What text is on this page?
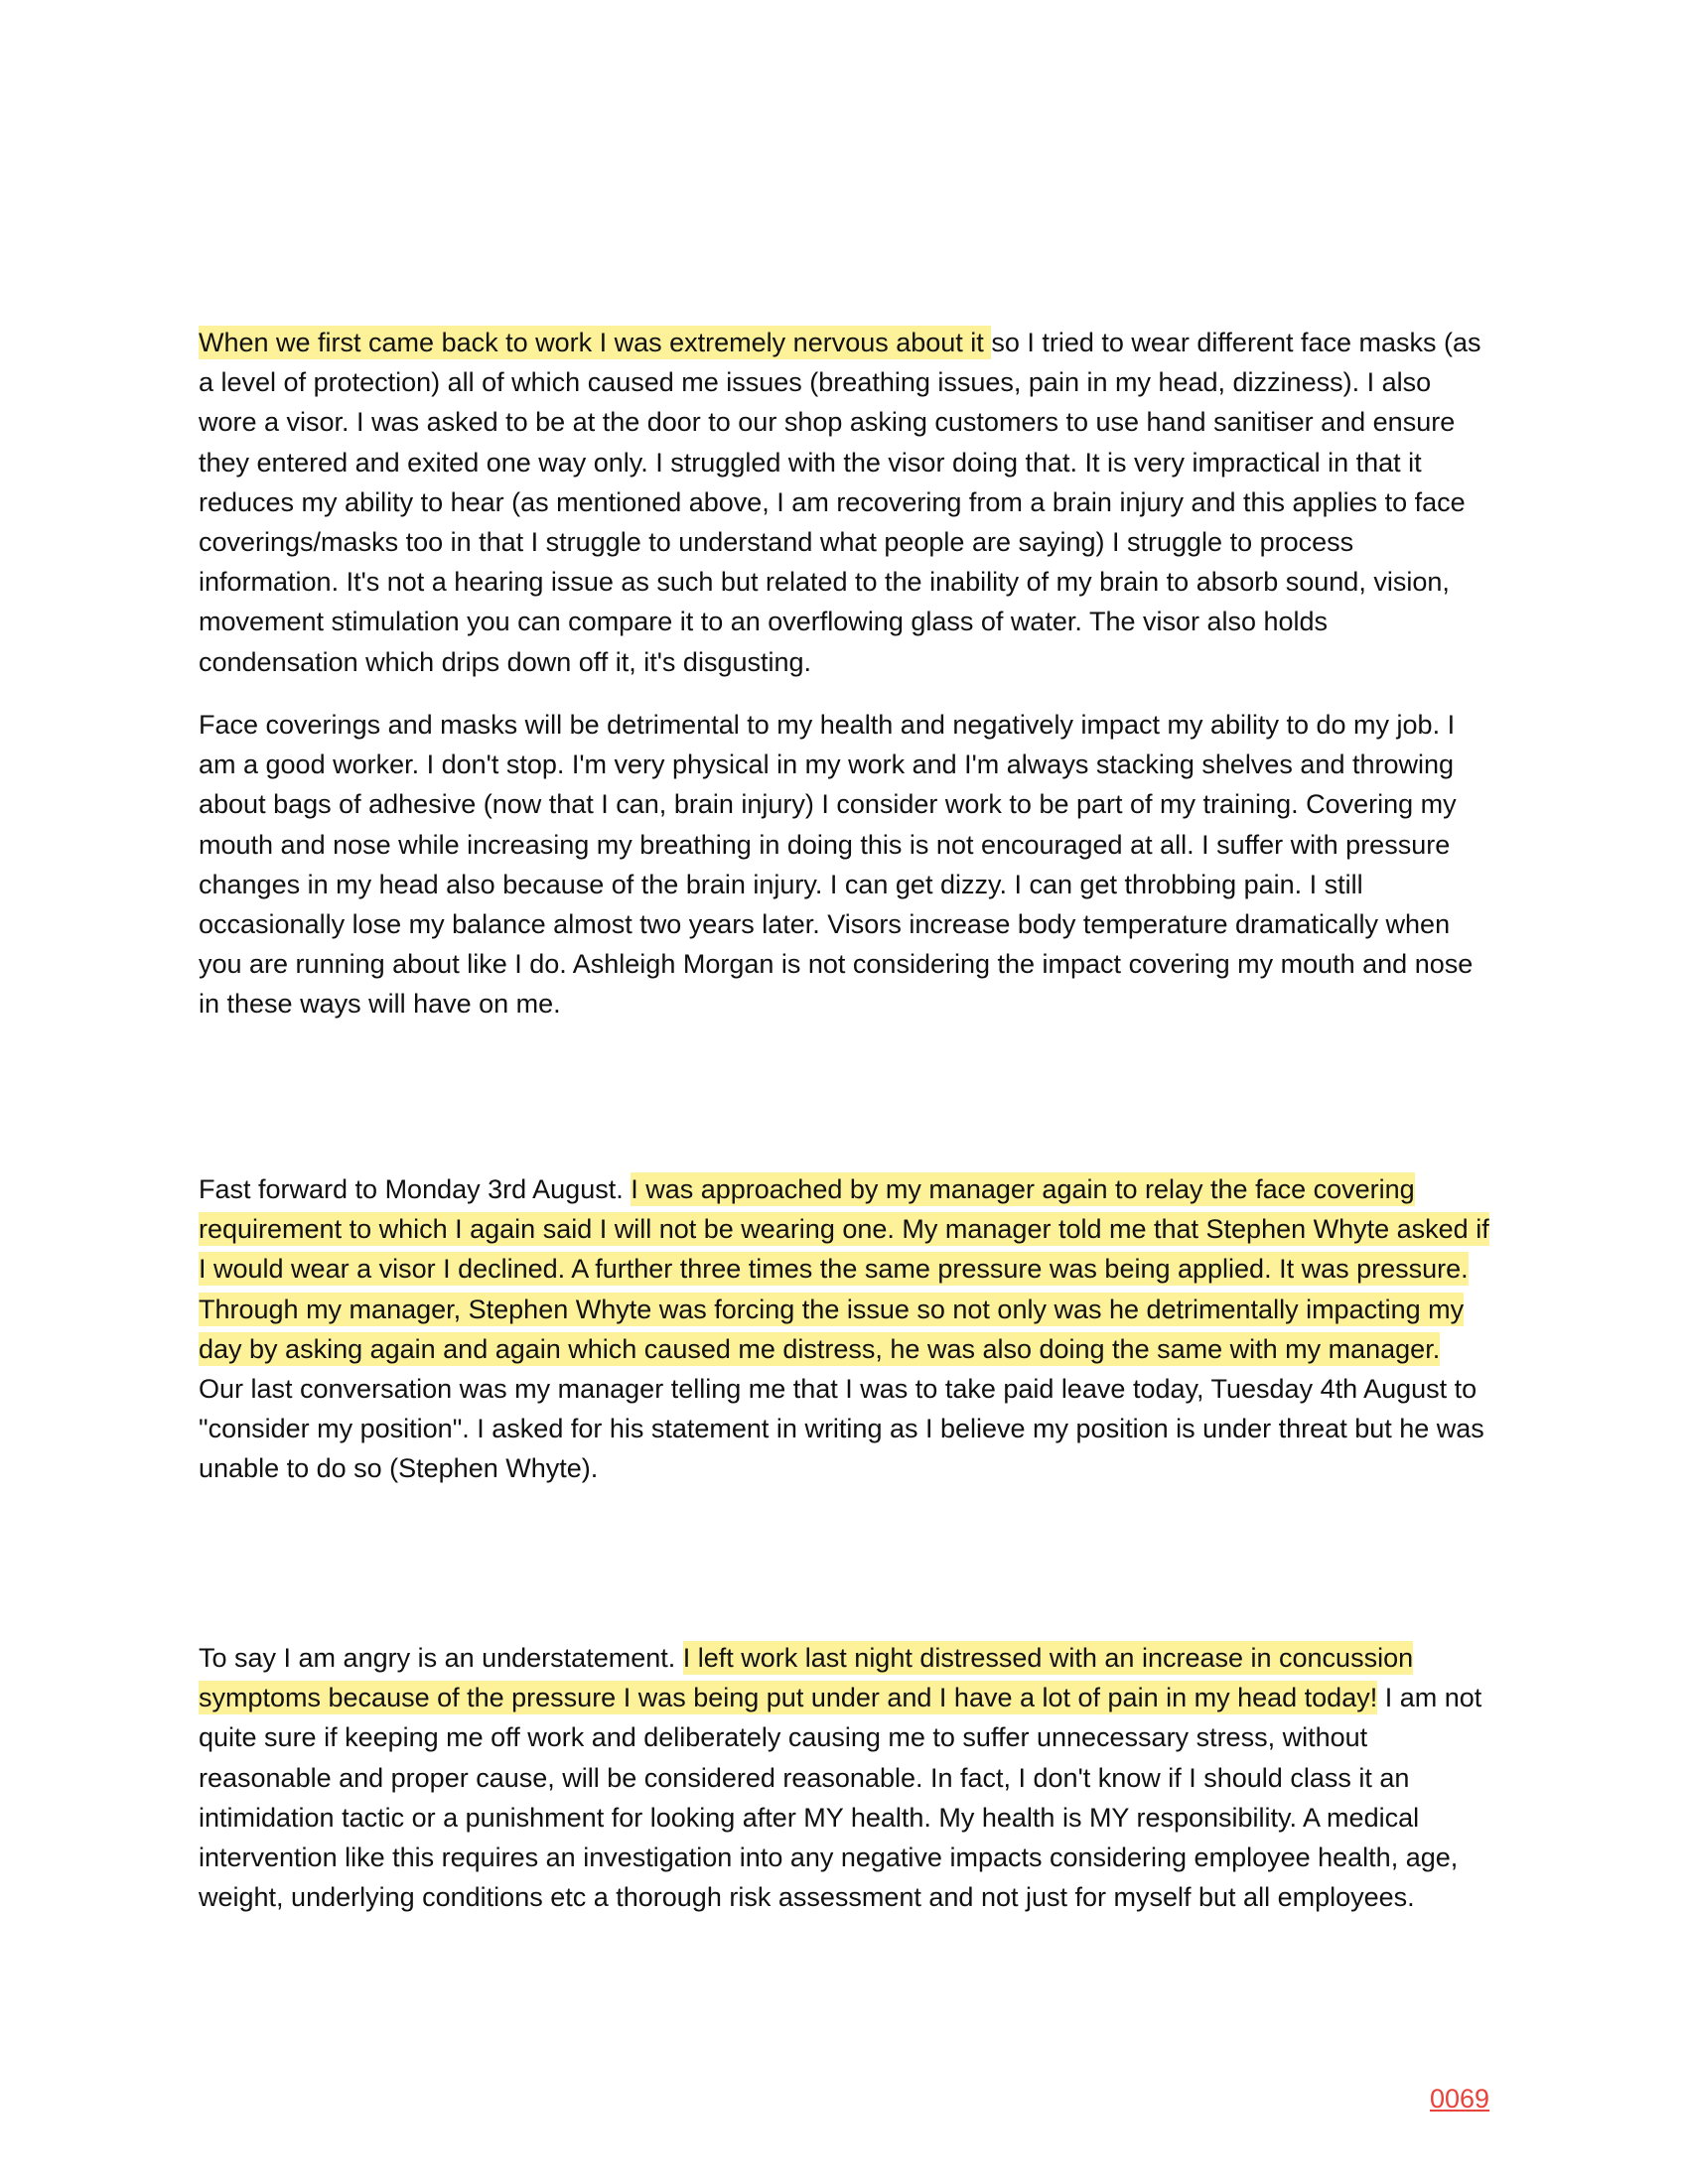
When we first came back to work I was extremely nervous about it so I tried to wear different face masks (as a level of protection) all of which caused me issues (breathing issues, pain in my head, dizziness). I also wore a visor. I was asked to be at the door to our shop asking customers to use hand sanitiser and ensure they entered and exited one way only. I struggled with the visor doing that. It is very impractical in that it reduces my ability to hear (as mentioned above, I am recovering from a brain injury and this applies to face coverings/masks too in that I struggle to understand what people are saying) I struggle to process information. It's not a hearing issue as such but related to the inability of my brain to absorb sound, vision, movement stimulation you can compare it to an overflowing glass of water. The visor also holds condensation which drips down off it, it's disgusting.

Face coverings and masks will be detrimental to my health and negatively impact my ability to do my job. I am a good worker. I don't stop. I'm very physical in my work and I'm always stacking shelves and throwing about bags of adhesive (now that I can, brain injury) I consider work to be part of my training. Covering my mouth and nose while increasing my breathing in doing this is not encouraged at all. I suffer with pressure changes in my head also because of the brain injury. I can get dizzy. I can get throbbing pain. I still occasionally lose my balance almost two years later. Visors increase body temperature dramatically when you are running about like I do. Ashleigh Morgan is not considering the impact covering my mouth and nose in these ways will have on me.

Fast forward to Monday 3rd August. I was approached by my manager again to relay the face covering requirement to which I again said I will not be wearing one. My manager told me that Stephen Whyte asked if I would wear a visor I declined. A further three times the same pressure was being applied. It was pressure. Through my manager, Stephen Whyte was forcing the issue so not only was he detrimentally impacting my day by asking again and again which caused me distress, he was also doing the same with my manager. Our last conversation was my manager telling me that I was to take paid leave today, Tuesday 4th August to "consider my position". I asked for his statement in writing as I believe my position is under threat but he was unable to do so (Stephen Whyte).

To say I am angry is an understatement. I left work last night distressed with an increase in concussion symptoms because of the pressure I was being put under and I have a lot of pain in my head today! I am not quite sure if keeping me off work and deliberately causing me to suffer unnecessary stress, without reasonable and proper cause, will be considered reasonable. In fact, I don't know if I should class it an intimidation tactic or a punishment for looking after MY health. My health is MY responsibility. A medical intervention like this requires an investigation into any negative impacts considering employee health, age, weight, underlying conditions etc a thorough risk assessment and not just for myself but all employees.

0069
